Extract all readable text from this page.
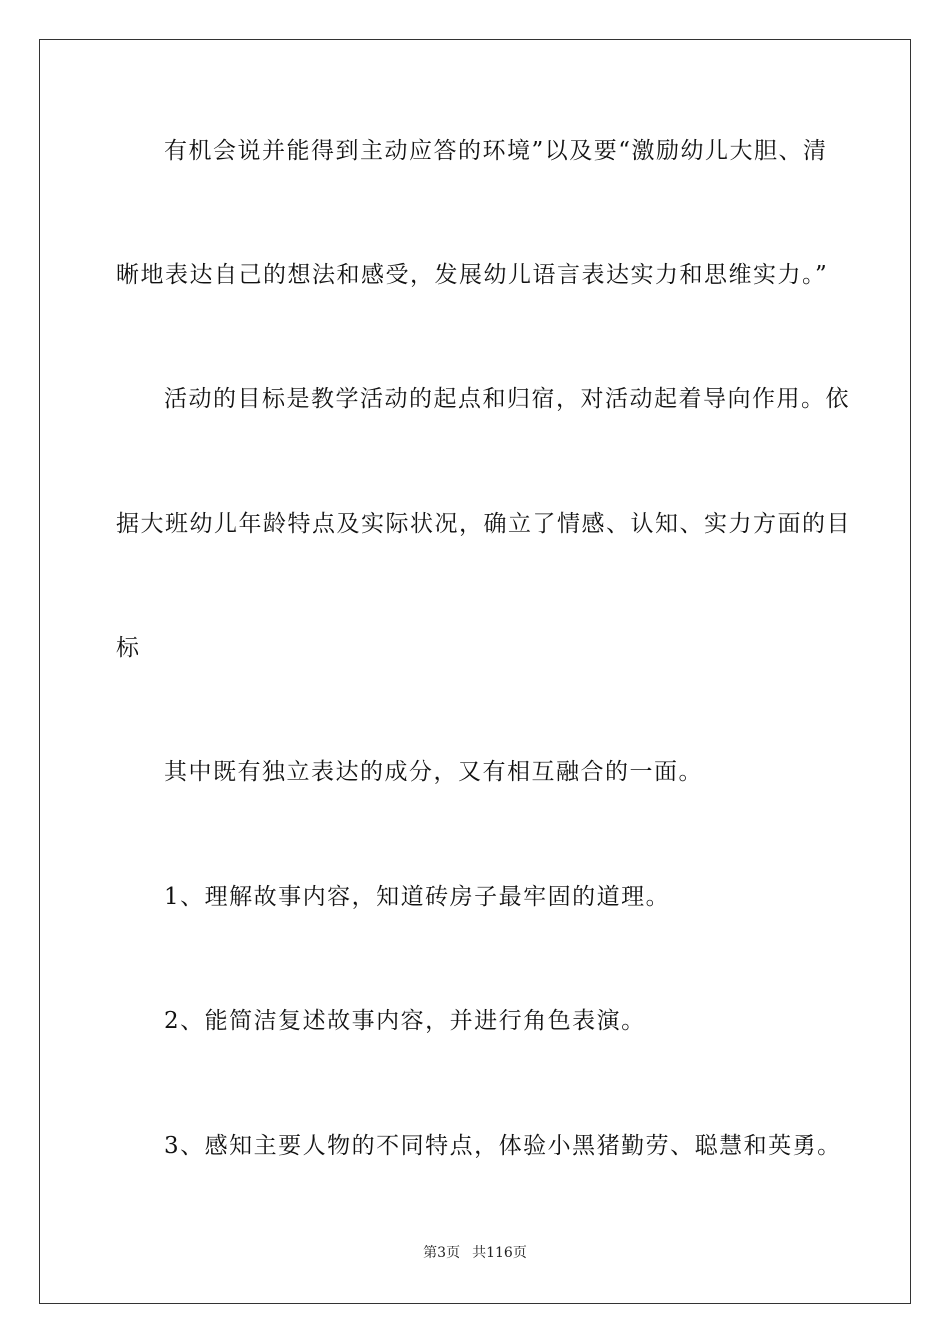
有机会说并能得到主动应答的环境”以及要“激励幼儿大胆、清
晰地表达自己的想法和感受，发展幼儿语言表达实力和思维实力。”
活动的目标是教学活动的起点和归宿，对活动起着导向作用。依
据大班幼儿年龄特点及实际状况，确立了情感、认知、实力方面的目
标
其中既有独立表达的成分，又有相互融合的一面。
1、理解故事内容，知道砖房子最牢固的道理。
2、能简洁复述故事内容，并进行角色表演。
3、感知主要人物的不同特点，体验小黑猪勤劳、聪慧和英勇。
第3页 共116页
